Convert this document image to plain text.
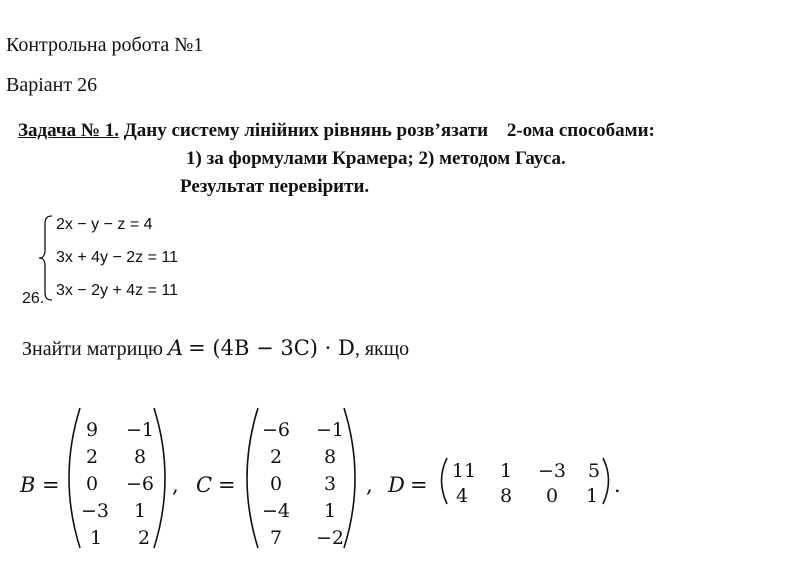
Контрольна робота №1
Варіант 26
Задача № 1. Дану систему лінійних рівнянь розв’язати 2-ома способами:
1) за формулами Крамера; 2) методом Гауса.
Результат перевірити.
26.
2x − y − z = 4
3x + 4y − 2z = 11
3x − 2y + 4z = 11
Знайти матрицю A = (4B − 3C) · D, якщо
B =
9 −1
2 8
0 −6
−3 1
1 2
, C =
−6 −1
2 8
0 3
−4 1
7 −2
, D =
11 1 −3 5
4 8 0 1 .
